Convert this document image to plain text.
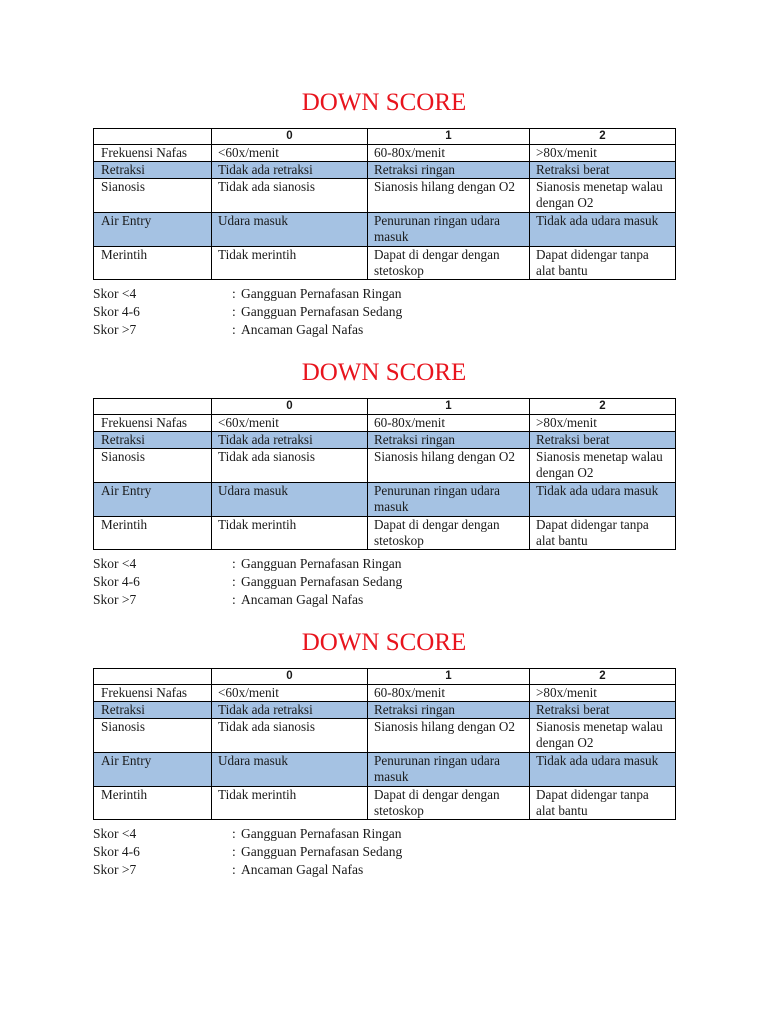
DOWN SCORE
	0	1	2
Frekuensi Nafas	<60x/menit	60-80x/menit	>80x/menit
Retraksi	Tidak ada retraksi	Retraksi ringan	Retraksi berat
Sianosis	Tidak ada sianosis	Sianosis hilang dengan O2	Sianosis menetap walau dengan O2
Air Entry	Udara masuk	Penurunan ringan udara masuk	Tidak ada udara masuk
Merintih	Tidak merintih	Dapat di dengar dengan stetoskop	Dapat didengar tanpa alat bantu
Skor <4	: Gangguan Pernafasan Ringan
Skor 4-6	: Gangguan Pernafasan Sedang
Skor >7	: Ancaman Gagal Nafas
DOWN SCORE
	0	1	2
Frekuensi Nafas	<60x/menit	60-80x/menit	>80x/menit
Retraksi	Tidak ada retraksi	Retraksi ringan	Retraksi berat
Sianosis	Tidak ada sianosis	Sianosis hilang dengan O2	Sianosis menetap walau dengan O2
Air Entry	Udara masuk	Penurunan ringan udara masuk	Tidak ada udara masuk
Merintih	Tidak merintih	Dapat di dengar dengan stetoskop	Dapat didengar tanpa alat bantu
Skor <4	: Gangguan Pernafasan Ringan
Skor 4-6	: Gangguan Pernafasan Sedang
Skor >7	: Ancaman Gagal Nafas
DOWN SCORE
	0	1	2
Frekuensi Nafas	<60x/menit	60-80x/menit	>80x/menit
Retraksi	Tidak ada retraksi	Retraksi ringan	Retraksi berat
Sianosis	Tidak ada sianosis	Sianosis hilang dengan O2	Sianosis menetap walau dengan O2
Air Entry	Udara masuk	Penurunan ringan udara masuk	Tidak ada udara masuk
Merintih	Tidak merintih	Dapat di dengar dengan stetoskop	Dapat didengar tanpa alat bantu
Skor <4	: Gangguan Pernafasan Ringan
Skor 4-6	: Gangguan Pernafasan Sedang
Skor >7	: Ancaman Gagal Nafas
